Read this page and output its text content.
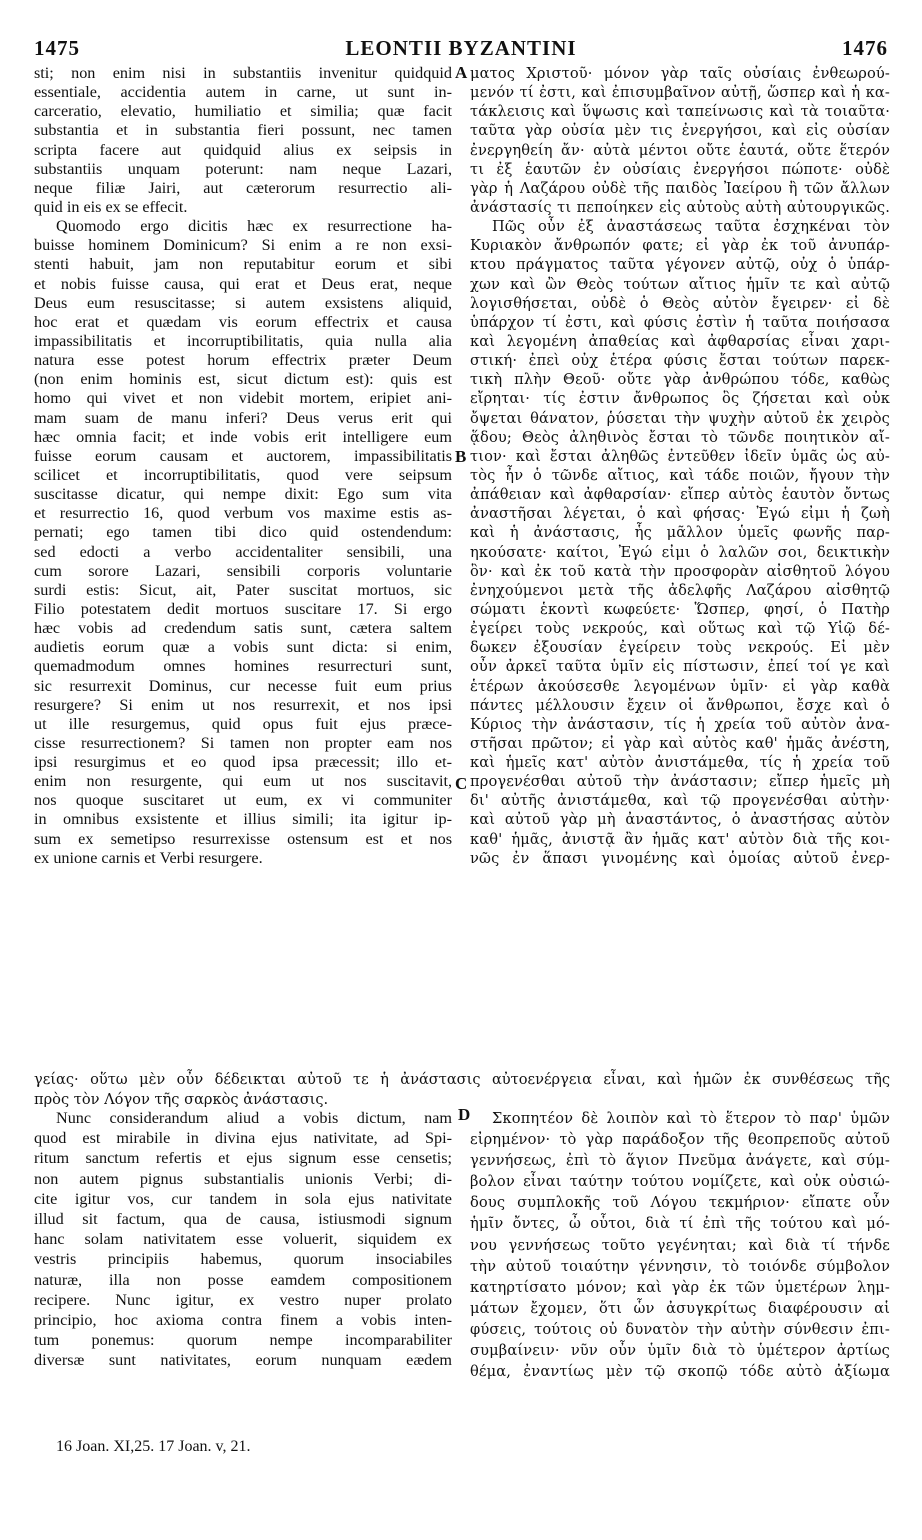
1475	LEONTII BYZANTINI	1476
sti; non enim nisi in substantiis invenitur quidquid
essentiale, accidentia autem in carne, ut sunt in-
carceratio, elevatio, humiliatio et similia; quæ facit
substantia et in substantia fieri possunt, nec tamen
scripta facere aut quidquid alius ex seipsis in
substantiis unquam poterunt: nam neque Lazari,
neque filiæ Jairi, aut cæterorum resurrectio ali-
quid in eis ex se effecit.
Quomodo ergo dicitis hæc ex resurrectione ha-
buisse hominem Dominicum? Si enim a re non exsi-
stenti habuit, jam non reputabitur eorum et sibi
et nobis fuisse causa, qui erat et Deus erat, neque
Deus eum resuscitasse; si autem exsistens aliquid,
hoc erat et quædam vis eorum effectrix et causa
impassibilitatis et incorruptibilitatis, quia nulla alia
natura esse potest horum effectrix præter Deum
(non enim hominis est, sicut dictum est): quis est
homo qui vivet et non videbit mortem, eripiet ani-
mam suam de manu inferi? Deus verus erit qui
hæc omnia facit; et inde vobis erit intelligere eum
fuisse eorum causam et auctorem, impassibilitatis
scilicet et incorruptibilitatis, quod vere seipsum
suscitasse dicatur, qui nempe dixit: Ego sum vita
et resurrectio 16, quod verbum vos maxime estis as-
pernati; ego tamen tibi dico quid ostendendum:
sed edocti a verbo accidentaliter sensibili, una
cum sorore Lazari, sensibili corporis voluntarie
surdi estis: Sicut, ait, Pater suscitat mortuos, sic
Filio potestatem dedit mortuos suscitare 17. Si ergo
hæc vobis ad credendum satis sunt, cætera saltem
audietis eorum quæ a vobis sunt dicta: si enim,
quemadmodum omnes homines resurrecturi sunt,
sic resurrexit Dominus, cur necesse fuit eum prius
resurgere? Si enim ut nos resurrexit, et nos ipsi
ut ille resurgemus, quid opus fuit ejus præce-
cisse resurrectionem? Si tamen non propter eam nos
ipsi resurgimus et eo quod ipsa præcessit; illo et-
enim non resurgente, qui eum ut nos suscitavit,
nos quoque suscitaret ut eum, ex vi communiter
in omnibus exsistente et illius simili; ita igitur ip-
sum ex semetipso resurrexisse ostensum est et nos
ex unione carnis et Verbi resurgere.
ματος Χριστοῦ· μόνον γὰρ ταῖς οὐσίαις ἐνθεωρού-
μενόν τί ἐστι, καὶ ἐπισυμβαῖνον αὐτῇ, ὥσπερ καὶ ἡ κα-
τάκλεισις καὶ ὕψωσις καὶ ταπείνωσις καὶ τὰ τοιαῦτα·
ταῦτα γὰρ οὐσία μὲν τις ἐνεργήσοι, καὶ εἰς οὐσίαν
ἐνεργηθείη ἄν· αὐτὰ μέντοι οὔτε ἑαυτά, οὔτε ἕτερόν
τι ἐξ ἑαυτῶν ἐν οὐσίαις ἐνεργήσοι πώποτε· οὐδὲ
γὰρ ἡ Λαζάρου οὐδὲ τῆς παιδὸς Ἰαείρου ἢ τῶν ἄλλων
ἀνάστασίς τι πεποίηκεν εἰς αὐτοὺς αὐτὴ αὐτουργικῶς.
Πῶς οὖν ἐξ ἀναστάσεως ταῦτα ἐσχηκέναι τὸν
Κυριακὸν ἄνθρωπόν φατε; εἰ γὰρ ἐκ τοῦ ἀνυπάρ-
κτου πράγματος ταῦτα γέγονεν αὐτῷ, οὐχ ὁ ὑπάρ-
χων καὶ ὢν Θεὸς τούτων αἴτιος ἡμῖν τε καὶ αὐτῷ
λογισθήσεται, οὐδὲ ὁ Θεὸς αὐτὸν ἔγειρεν· εἰ δὲ
ὑπάρχον τί ἐστι, καὶ φύσις ἐστὶν ἡ ταῦτα ποιήσασα
καὶ λεγομένη ἀπαθείας καὶ ἀφθαρσίας εἶναι χαρι-
στική· ἐπεὶ οὐχ ἑτέρα φύσις ἔσται τούτων παρεκ-
τικὴ πλὴν Θεοῦ· οὔτε γὰρ ἀνθρώπου τόδε, καθὼς
εἴρηται· τίς ἐστιν ἄνθρωπος ὃς ζήσεται καὶ οὐκ
ὄψεται θάνατον, ῥύσεται τὴν ψυχὴν αὐτοῦ ἐκ χειρὸς
ᾅδου; Θεὸς ἀληθινὸς ἔσται τὸ τῶνδε ποιητικὸν αἴ-
τιον· καὶ ἔσται ἀληθῶς ἐντεῦθεν ἰδεῖν ὑμᾶς ὡς αὐ-
τὸς ἦν ὁ τῶνδε αἴτιος, καὶ τάδε ποιῶν, ἤγουν τὴν
ἀπάθειαν καὶ ἀφθαρσίαν· εἴπερ αὐτὸς ἑαυτὸν ὄντως
ἀναστῆσαι λέγεται, ὁ καὶ φήσας· Ἐγώ εἰμι ἡ ζωὴ
καὶ ἡ ἀνάστασις, ἧς μᾶλλον ὑμεῖς φωνῆς παρ-
ηκούσατε· καίτοι, Ἐγώ εἰμι ὁ λαλῶν σοι, δεικτικὴν
ὃν· καὶ ἐκ τοῦ κατὰ τὴν προσφορὰν αἰσθητοῦ λόγου
ἐνηχούμενοι μετὰ τῆς ἀδελφῆς Λαζάρου αἰσθητῷ
σώματι ἑκοντὶ κωφεύετε· Ὥσπερ, φησί, ὁ Πατὴρ
ἐγείρει τοὺς νεκρούς, καὶ οὕτως καὶ τῷ Υἱῷ δέ-
δωκεν ἐξουσίαν ἐγείρειν τοὺς νεκρούς. Εἰ μὲν
οὖν ἀρκεῖ ταῦτα ὑμῖν εἰς πίστωσιν, ἐπεί τοί γε καὶ
ἑτέρων ἀκούσεσθε λεγομένων ὑμῖν· εἰ γὰρ καθὰ
πάντες μέλλουσιν ἔχειν οἱ ἄνθρωποι, ἔσχε καὶ ὁ
Κύριος τὴν ἀνάστασιν, τίς ἡ χρεία τοῦ αὐτὸν ἀνα-
στῆσαι πρῶτον; εἰ γὰρ καὶ αὐτὸς καθ' ἡμᾶς ἀνέστη,
καὶ ἡμεῖς κατ' αὐτὸν ἀνιστάμεθα, τίς ἡ χρεία τοῦ
προγενέσθαι αὐτοῦ τὴν ἀνάστασιν; εἴπερ ἡμεῖς μὴ
δι' αὐτῆς ἀνιστάμεθα, καὶ τῷ προγενέσθαι αὐτὴν·
καὶ αὐτοῦ γὰρ μὴ ἀναστάντος, ὁ ἀναστήσας αὐτὸν
καθ' ἡμᾶς, ἀνιστᾷ ἂν ἡμᾶς κατ' αὐτὸν διὰ τῆς κοι-
νῶς ἐν ἅπασι γινομένης καὶ ὁμοίας αὐτοῦ ἐνερ-
A
B
C
D
γείας· οὕτω μὲν οὖν δέδεικται αὐτοῦ τε ἡ ἀνάστασις αὐτοενέργεια εἶναι, καὶ ἡμῶν ἐκ συνθέσεως τῆς
πρὸς τὸν Λόγον τῆς σαρκὸς ἀνάστασις.
Nunc considerandum aliud a vobis dictum, nam
quod est mirabile in divina ejus nativitate, ad Spi-
ritum sanctum refertis et ejus signum esse censetis;
non autem pignus substantialis unionis Verbi; di-
cite igitur vos, cur tandem in sola ejus nativitate
illud sit factum, qua de causa, istiusmodi signum
hanc solam nativitatem esse voluerit, siquidem ex
vestris principiis habemus, quorum insociabiles
naturæ, illa non posse eamdem compositionem
recipere. Nunc igitur, ex vestro nuper prolato
principio, hoc axioma contra finem a vobis inten-
tum ponemus: quorum nempe incomparabiliter
diversæ sunt nativitates, eorum nunquam eædem
Σκοπητέον δὲ λοιπὸν καὶ τὸ ἕτερον τὸ παρ' ὑμῶν
εἰρημένον· τὸ γὰρ παράδοξον τῆς θεοπρεποῦς αὐτοῦ
γεννήσεως, ἐπὶ τὸ ἅγιον Πνεῦμα ἀνάγετε, καὶ σύμ-
βολον εἶναι ταύτην τούτου νομίζετε, καὶ οὐκ οὐσιώ-
δους συμπλοκῆς τοῦ Λόγου τεκμήριον· εἴπατε οὖν
ἡμῖν ὄντες, ὦ οὗτοι, διὰ τί ἐπὶ τῆς τούτου καὶ μό-
νου γεννήσεως τοῦτο γεγένηται; καὶ διὰ τί τήνδε
τὴν αὐτοῦ τοιαύτην γέννησιν, τὸ τοιόνδε σύμβολον
κατηρτίσατο μόνον; καὶ γὰρ ἐκ τῶν ὑμετέρων λημ-
μάτων ἔχομεν, ὅτι ὧν ἀσυγκρίτως διαφέρουσιν αἱ
φύσεις, τούτοις οὐ δυνατὸν τὴν αὐτὴν σύνθεσιν ἐπι-
συμβαίνειν· νῦν οὖν ὑμῖν διὰ τὸ ὑμέτερον ἀρτίως
θέμα, ἐναντίως μὲν τῷ σκοπῷ τόδε αὐτὸ ἀξίωμα
16 Joan. XI,25. 17 Joan. v, 21.
